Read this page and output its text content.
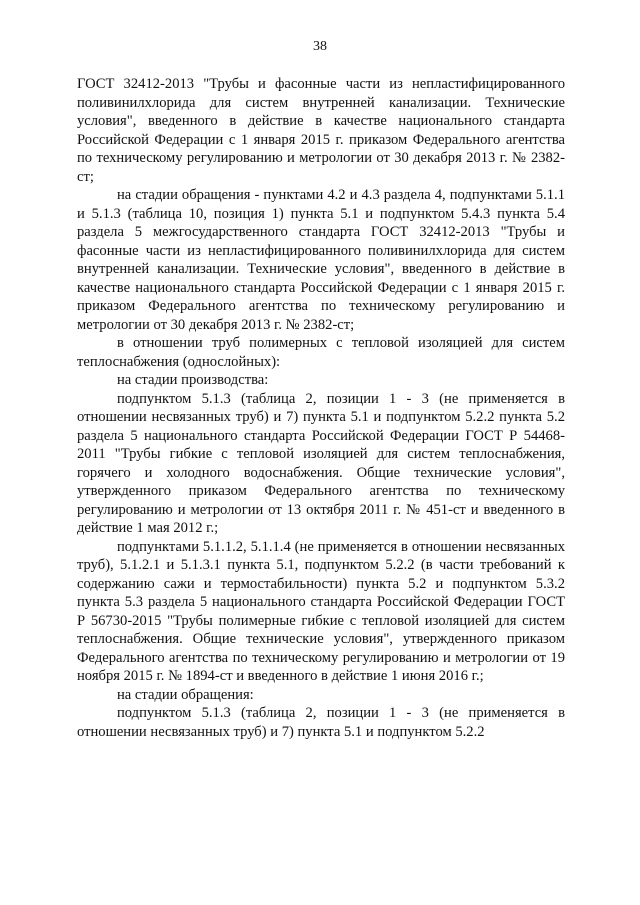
38

ГОСТ 32412-2013 "Трубы и фасонные части из непластифицированного поливинилхлорида для систем внутренней канализации. Технические условия", введенного в действие в качестве национального стандарта Российской Федерации с 1 января 2015 г. приказом Федерального агентства по техническому регулированию и метрологии от 30 декабря 2013 г. № 2382-ст;

на стадии обращения - пунктами 4.2 и 4.3 раздела 4, подпунктами 5.1.1 и 5.1.3 (таблица 10, позиция 1) пункта 5.1 и подпунктом 5.4.3 пункта 5.4 раздела 5 межгосударственного стандарта ГОСТ 32412-2013 "Трубы и фасонные части из непластифицированного поливинилхлорида для систем внутренней канализации. Технические условия", введенного в действие в качестве национального стандарта Российской Федерации с 1 января 2015 г. приказом Федерального агентства по техническому регулированию и метрологии от 30 декабря 2013 г. № 2382-ст;

в отношении труб полимерных с тепловой изоляцией для систем теплоснабжения (однослойных):

на стадии производства:

подпунктом 5.1.3 (таблица 2, позиции 1 - 3 (не применяется в отношении несвязанных труб) и 7) пункта 5.1 и подпунктом 5.2.2 пункта 5.2 раздела 5 национального стандарта Российской Федерации ГОСТ Р 54468-2011 "Трубы гибкие с тепловой изоляцией для систем теплоснабжения, горячего и холодного водоснабжения. Общие технические условия", утвержденного приказом Федерального агентства по техническому регулированию и метрологии от 13 октября 2011 г. № 451-ст и введенного в действие 1 мая 2012 г.;

подпунктами 5.1.1.2, 5.1.1.4 (не применяется в отношении несвязанных труб), 5.1.2.1 и 5.1.3.1 пункта 5.1, подпунктом 5.2.2 (в части требований к содержанию сажи и термостабильности) пункта 5.2 и подпунктом 5.3.2 пункта 5.3 раздела 5 национального стандарта Российской Федерации ГОСТ Р 56730-2015 "Трубы полимерные гибкие с тепловой изоляцией для систем теплоснабжения. Общие технические условия", утвержденного приказом Федерального агентства по техническому регулированию и метрологии от 19 ноября 2015 г. № 1894-ст и введенного в действие 1 июня 2016 г.;

на стадии обращения:

подпунктом 5.1.3 (таблица 2, позиции 1 - 3 (не применяется в отношении несвязанных труб) и 7) пункта 5.1 и подпунктом 5.2.2
